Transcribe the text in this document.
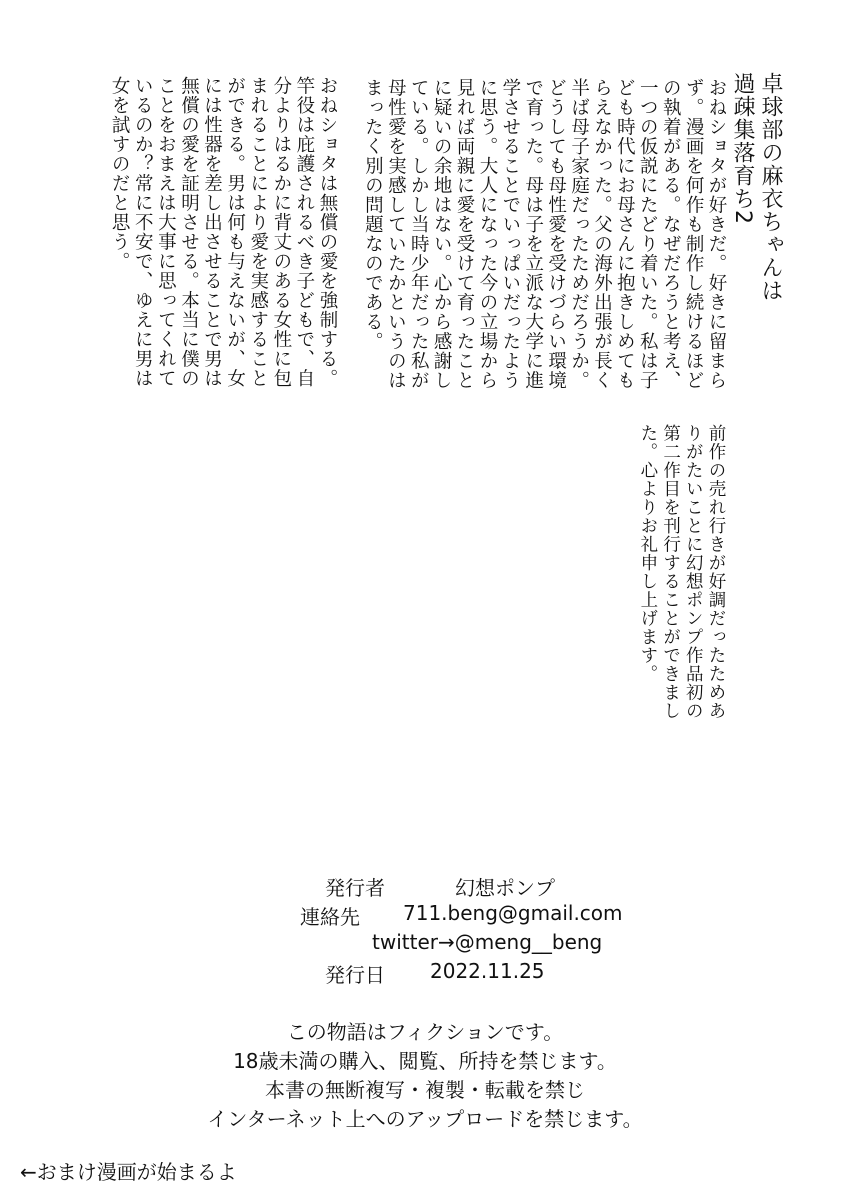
卓球部の麻衣ちゃんは
過疎集落育ち2
おねショタが好きだ。好きに留まら
ず。漫画を何作も制作し続けるほど
の執着がある。なぜだろうと考え、
一つの仮説にたどり着いた。私は子
ども時代にお母さんに抱きしめても
らえなかった。父の海外出張が長く
半ば母子家庭だったためだろうか。
どうしても母性愛を受けづらい環境
で育った。母は子を立派な大学に進
学させることでいっぱいだったよう
に思う。大人になった今の立場から
見れば両親に愛を受けて育ったこと
に疑いの余地はない。心から感謝し
ている。しかし当時少年だった私が
母性愛を実感していたかというのは
まったく別の問題なのである。
おねショタは無償の愛を強制する。
竿役は庇護されるべき子どもで、自
分よりはるかに背丈のある女性に包
まれることにより愛を実感すること
ができる。男は何も与えないが、女
には性器を差し出させることで男は
無償の愛を証明させる。本当に僕の
ことをおまえは大事に思ってくれて
いるのか？常に不安で、ゆえに男は
女を試すのだと思う。
前作の売れ行きが好調だったためあ
りがたいことに幻想ポンプ作品初の
第二作目を刊行することができまし
た。心よりお礼申し上げます。
発行者	幻想ポンプ
連絡先 711.beng@gmail.com
twitter→@meng__beng
発行日 2022.11.25
この物語はフィクションです。
18歳未満の購入、閲覧、所持を禁じます。
本書の無断複写・複製・転載を禁じ
インターネット上へのアップロードを禁じます。
←おまけ漫画が始まるよ
